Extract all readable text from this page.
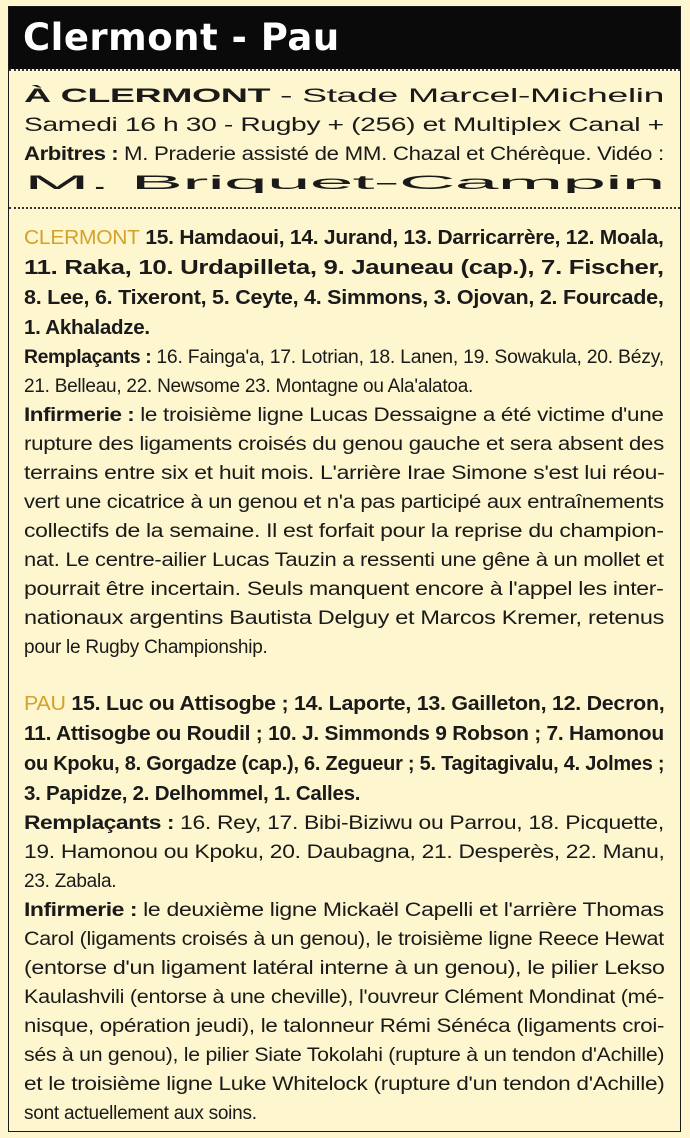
Clermont - Pau
À CLERMONT - Stade Marcel-Michelin
Samedi 16 h 30 - Rugby + (256) et Multiplex Canal +
Arbitres : M. Praderie assisté de MM. Chazal et Chérèque. Vidéo :
M. Briquet-Campin
CLERMONT 15. Hamdaoui, 14. Jurand, 13. Darricarrère, 12. Moala,
11. Raka, 10. Urdapilleta, 9. Jauneau (cap.), 7. Fischer,
8. Lee, 6. Tixeront, 5. Ceyte, 4. Simmons, 3. Ojovan, 2. Fourcade,
1. Akhaladze.
Remplaçants : 16. Fainga'a, 17. Lotrian, 18. Lanen, 19. Sowakula, 20. Bézy,
21. Belleau, 22. Newsome 23. Montagne ou Ala'alatoa.
Infirmerie : le troisième ligne Lucas Dessaigne a été victime d'une
rupture des ligaments croisés du genou gauche et sera absent des
terrains entre six et huit mois. L'arrière Irae Simone s'est lui réou-
vert une cicatrice à un genou et n'a pas participé aux entraînements
collectifs de la semaine. Il est forfait pour la reprise du champion-
nat. Le centre-ailier Lucas Tauzin a ressenti une gêne à un mollet et
pourrait être incertain. Seuls manquent encore à l'appel les inter-
nationaux argentins Bautista Delguy et Marcos Kremer, retenus
pour le Rugby Championship.
PAU 15. Luc ou Attisogbe ; 14. Laporte, 13. Gailleton, 12. Decron,
11. Attisogbe ou Roudil ; 10. J. Simmonds 9 Robson ; 7. Hamonou
ou Kpoku, 8. Gorgadze (cap.), 6. Zegueur ; 5. Tagitagivalu, 4. Jolmes ;
3. Papidze, 2. Delhommel, 1. Calles.
Remplaçants : 16. Rey, 17. Bibi-Biziwu ou Parrou, 18. Picquette,
19. Hamonou ou Kpoku, 20. Daubagna, 21. Desperès, 22. Manu,
23. Zabala.
Infirmerie : le deuxième ligne Mickaël Capelli et l'arrière Thomas
Carol (ligaments croisés à un genou), le troisième ligne Reece Hewat
(entorse d'un ligament latéral interne à un genou), le pilier Lekso
Kaulashvili (entorse à une cheville), l'ouvreur Clément Mondinat (mé-
nisque, opération jeudi), le talonneur Rémi Sénéca (ligaments croi-
sés à un genou), le pilier Siate Tokolahi (rupture à un tendon d'Achille)
et le troisième ligne Luke Whitelock (rupture d'un tendon d'Achille)
sont actuellement aux soins.
